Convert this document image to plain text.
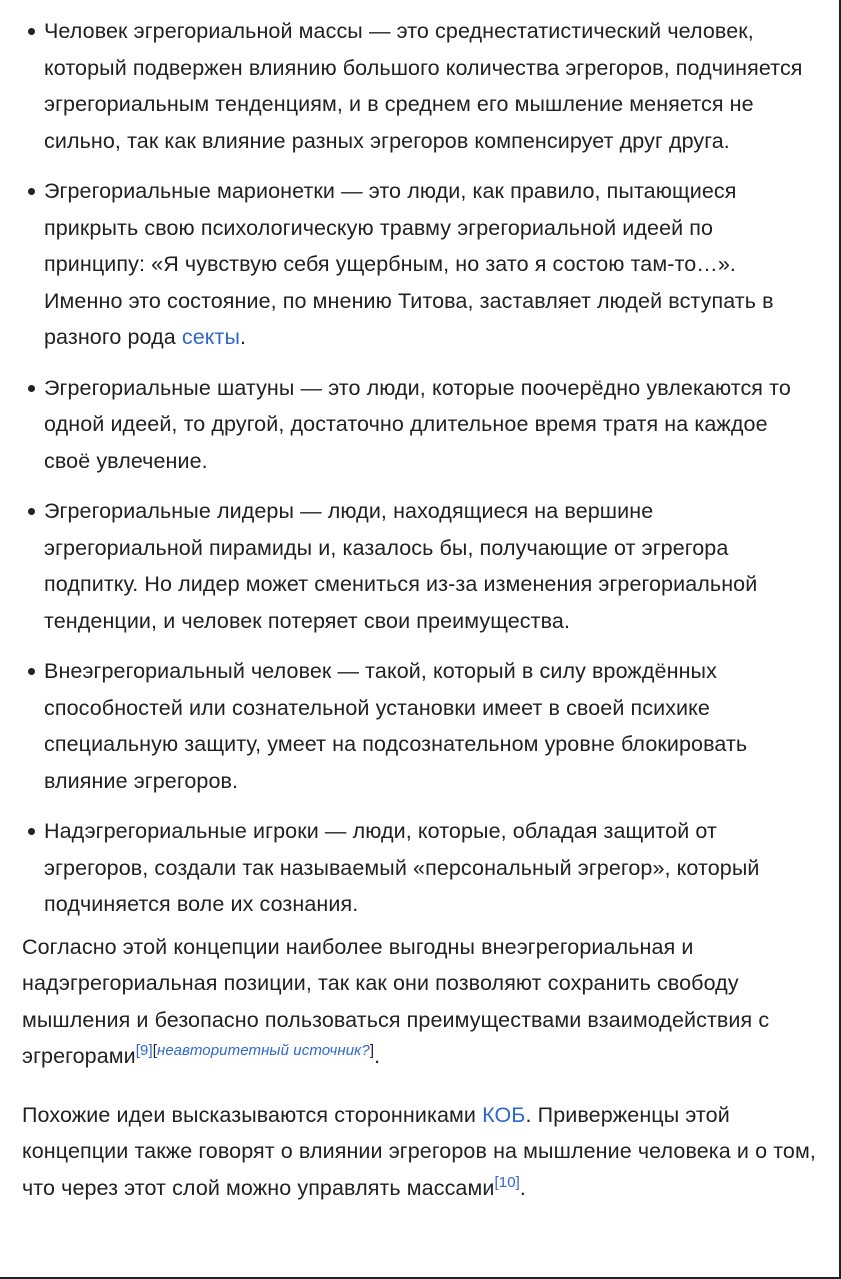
Человек эгрегориальной массы — это среднестатистический человек, который подвержен влиянию большого количества эгрегоров, подчиняется эгрегориальным тенденциям, и в среднем его мышление меняется не сильно, так как влияние разных эгрегоров компенсирует друг друга.
Эгрегориальные марионетки — это люди, как правило, пытающиеся прикрыть свою психологическую травму эгрегориальной идеей по принципу: «Я чувствую себя ущербным, но зато я состою там-то…». Именно это состояние, по мнению Титова, заставляет людей вступать в разного рода секты.
Эгрегориальные шатуны — это люди, которые поочерёдно увлекаются то одной идеей, то другой, достаточно длительное время тратя на каждое своё увлечение.
Эгрегориальные лидеры — люди, находящиеся на вершине эгрегориальной пирамиды и, казалось бы, получающие от эгрегора подпитку. Но лидер может смениться из-за изменения эгрегориальной тенденции, и человек потеряет свои преимущества.
Внеэгрегориальный человек — такой, который в силу врождённых способностей или сознательной установки имеет в своей психике специальную защиту, умеет на подсознательном уровне блокировать влияние эгрегоров.
Надэгрегориальные игроки — люди, которые, обладая защитой от эгрегоров, создали так называемый «персональный эгрегор», который подчиняется воле их сознания.

Согласно этой концепции наиболее выгодны внеэгрегориальная и надэгрегориальная позиции, так как они позволяют сохранить свободу мышления и безопасно пользоваться преимуществами взаимодействия с эгрегорами[9][неавторитетный источник?].

Похожие идеи высказываются сторонниками КОБ. Приверженцы этой концепции также говорят о влиянии эгрегоров на мышление человека и о том, что через этот слой можно управлять массами[10].
